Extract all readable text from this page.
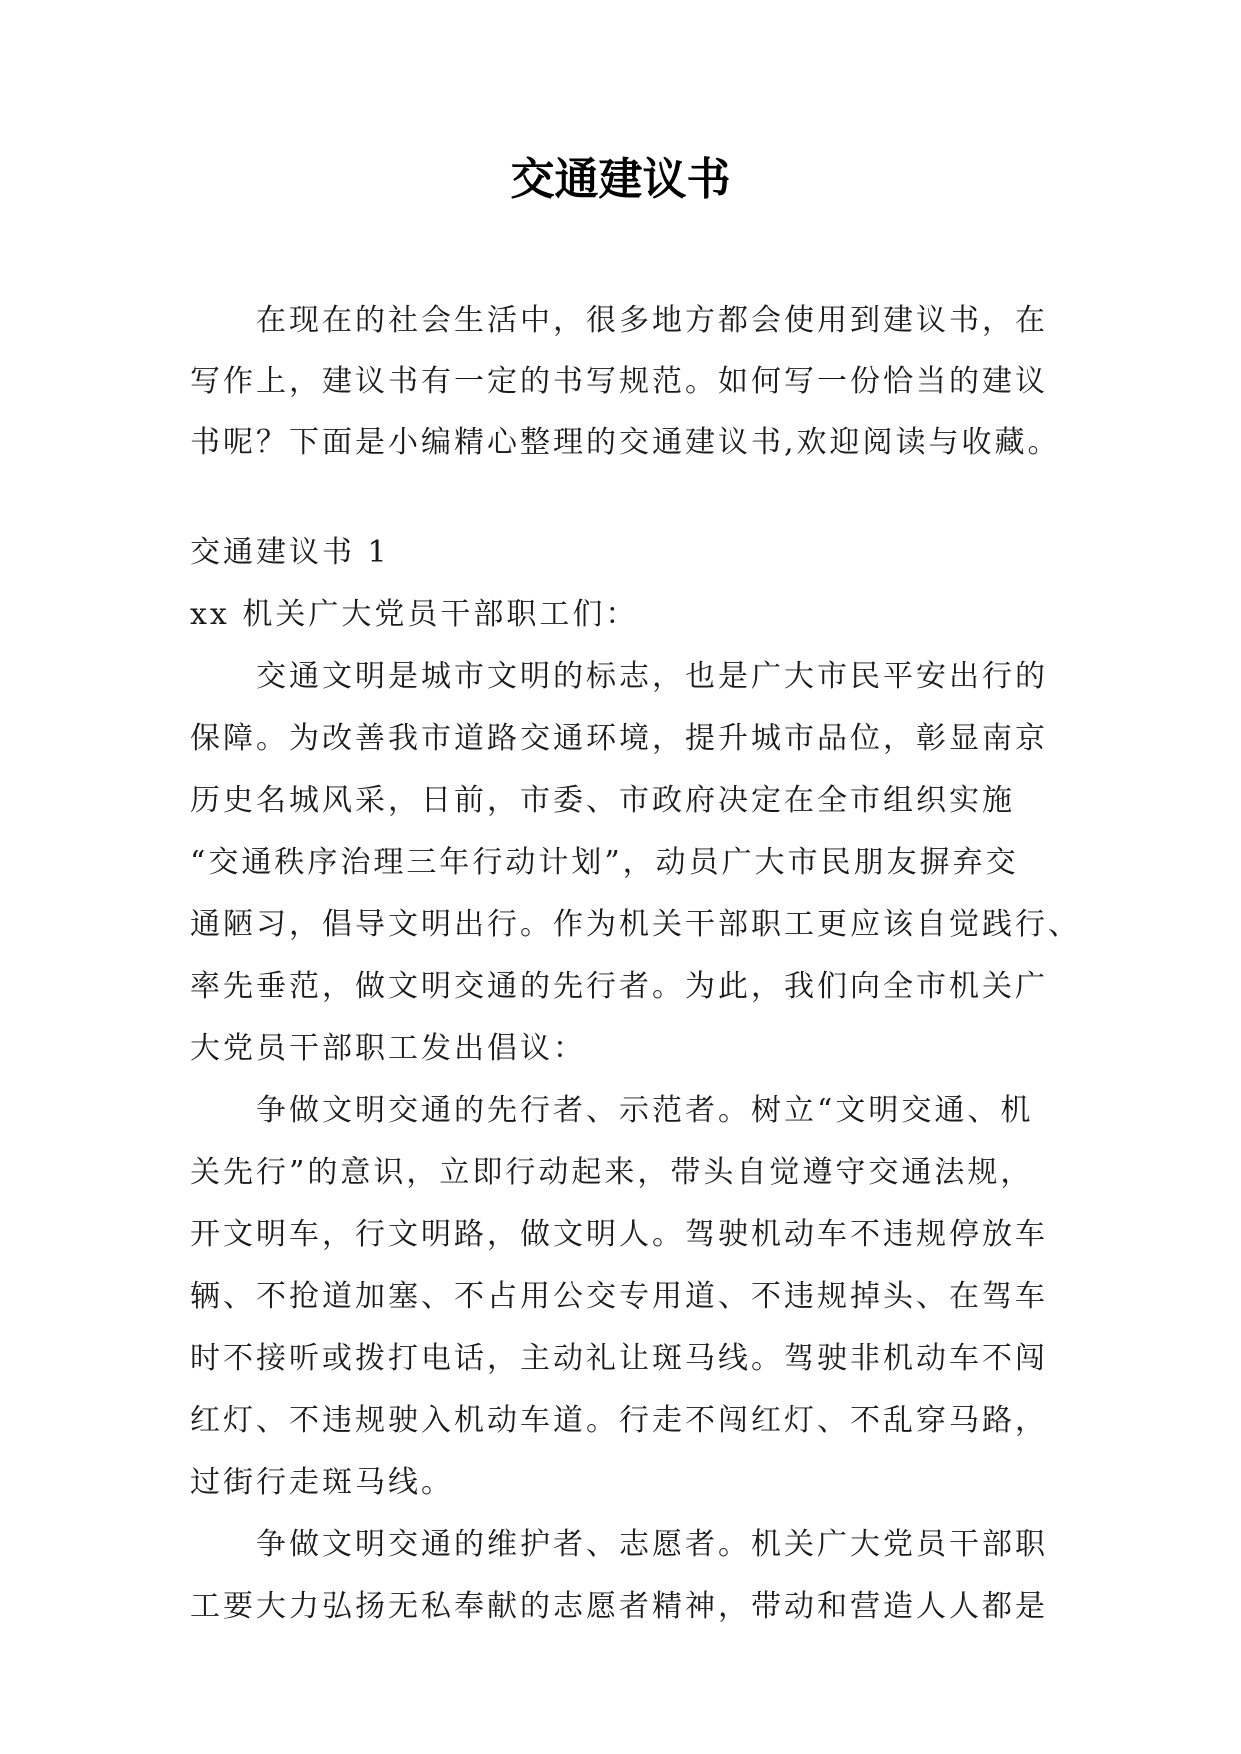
交通建议书
在现在的社会生活中，很多地方都会使用到建议书，在
写作上，建议书有一定的书写规范。如何写一份恰当的建议
书呢？下面是小编精心整理的交通建议书,欢迎阅读与收藏。
交通建议书 1
xx 机关广大党员干部职工们：
交通文明是城市文明的标志，也是广大市民平安出行的
保障。为改善我市道路交通环境，提升城市品位，彰显南京
历史名城风采，日前，市委、市政府决定在全市组织实施
“交通秩序治理三年行动计划”，动员广大市民朋友摒弃交
通陋习，倡导文明出行。作为机关干部职工更应该自觉践行、
率先垂范，做文明交通的先行者。为此，我们向全市机关广
大党员干部职工发出倡议：
争做文明交通的先行者、示范者。树立“文明交通、机
关先行”的意识，立即行动起来，带头自觉遵守交通法规，
开文明车，行文明路，做文明人。驾驶机动车不违规停放车
辆、不抢道加塞、不占用公交专用道、不违规掉头、在驾车
时不接听或拨打电话，主动礼让斑马线。驾驶非机动车不闯
红灯、不违规驶入机动车道。行走不闯红灯、不乱穿马路，
过街行走斑马线。
争做文明交通的维护者、志愿者。机关广大党员干部职
工要大力弘扬无私奉献的志愿者精神，带动和营造人人都是
